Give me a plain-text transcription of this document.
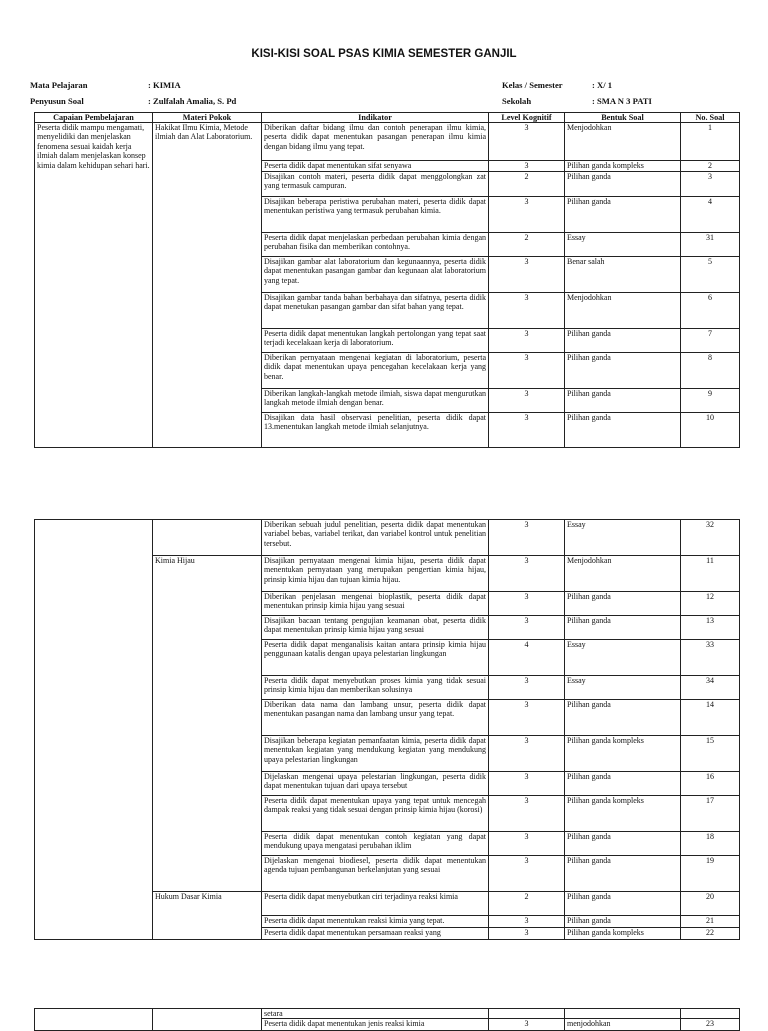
KISI-KISI SOAL PSAS KIMIA SEMESTER GANJIL
Mata Pelajaran	: KIMIA
Penyusun Soal	: Zulfalah Amalia, S. Pd
Kelas / Semester	: X/ 1
Sekolah	: SMA N 3 PATI
Capaian Pembelajaran	Materi Pokok	Indikator	Level Kognitif	Bentuk Soal	No. Soal
Peserta didik mampu mengamati, menyelidiki dan menjelaskan fenomena sesuai kaidah kerja ilmiah dalam menjelaskan konsep kimia dalam kehidupan sehari hari.	Hakikat Ilmu Kimia, Metode ilmiah dan Alat Laboratorium.	Diberikan daftar bidang ilmu dan contoh penerapan ilmu kimia, peserta didik dapat menentukan pasangan penerapan ilmu kimia dengan bidang ilmu yang tepat.	3	Menjodohkan	1
		Peserta didik dapat menentukan sifat senyawa	3	Pilihan ganda kompleks	2
		Disajikan contoh materi, peserta didik dapat menggolongkan zat yang termasuk campuran.	2	Pilihan ganda	3
		Disajikan beberapa peristiwa perubahan materi, peserta didik dapat menentukan peristiwa yang termasuk perubahan kimia.	3	Pilihan ganda	4
		Peserta didik dapat menjelaskan perbedaan perubahan kimia dengan perubahan fisika dan memberikan contohnya.	2	Essay	31
		Disajikan gambar alat laboratorium dan kegunaannya, peserta didik dapat menentukan pasangan gambar dan kegunaan alat laboratorium yang tepat.	3	Benar salah	5
		Disajikan gambar tanda bahan berbahaya dan sifatnya, peserta didik dapat menetukan pasangan gambar dan sifat bahan yang tepat.	3	Menjodohkan	6
		Peserta didik dapat menentukan langkah pertolongan yang tepat saat terjadi kecelakaan kerja di laboratorium.	3	Pilihan ganda	7
		Diberikan pernyataan mengenai kegiatan di laboratorium, peserta didik dapat menentukan upaya pencegahan kecelakaan kerja yang benar.	3	Pilihan ganda	8
		Diberikan langkah-langkah metode ilmiah, siswa dapat mengurutkan langkah metode ilmiah dengan benar.	3	Pilihan ganda	9
		Disajikan data hasil observasi penelitian, peserta didik dapat 13.menentukan langkah metode ilmiah selanjutnya.	3	Pilihan ganda	10
		Diberikan sebuah judul penelitian, peserta didik dapat menentukan variabel bebas, variabel terikat, dan variabel kontrol untuk penelitian tersebut.	3	Essay	32
	Kimia Hijau	Disajikan pernyataan mengenai kimia hijau, peserta didik dapat menentukan pernyataan yang merupakan pengertian kimia hijau, prinsip kimia hijau dan tujuan kimia hijau.	3	Menjodohkan	11
		Diberikan penjelasan mengenai bioplastik, peserta didik dapat menentukan prinsip kimia hijau yang sesuai	3	Pilihan ganda	12
		Disajikan bacaan tentang pengujian keamanan obat, peserta didik dapat menentukan prinsip kimia hijau yang sesuai	3	Pilihan ganda	13
		Peserta didik dapat menganalisis kaitan antara prinsip kimia hijau penggunaan katalis dengan upaya pelestarian lingkungan	4	Essay	33
		Peserta didik dapat menyebutkan proses kimia yang tidak sesuai prinsip kimia hijau dan memberikan solusinya	3	Essay	34
		Diberikan data nama dan lambang unsur, peserta didik dapat menentukan pasangan nama dan lambang unsur yang tepat.	3	Pilihan ganda	14
		Disajikan beberapa kegiatan pemanfaatan kimia, peserta didik dapat menentukan kegiatan yang mendukung kegiatan yang mendukung upaya pelestarian lingkungan	3	Pilihan ganda kompleks	15
		Dijelaskan mengenai upaya pelestarian lingkungan, peserta didik dapat menentukan tujuan dari upaya tersebut	3	Pilihan ganda	16
		Peserta didik dapat menentukan upaya yang tepat untuk mencegah dampak reaksi yang tidak sesuai dengan prinsip kimia hijau (korosi)	3	Pilihan ganda kompleks	17
		Peserta didik dapat menentukan contoh kegiatan yang dapat mendukung upaya mengatasi perubahan iklim	3	Pilihan ganda	18
		Dijelaskan mengenai biodiesel, peserta didik dapat menentukan agenda tujuan pembangunan berkelanjutan yang sesuai	3	Pilihan ganda	19
	Hukum Dasar Kimia	Peserta didik dapat menyebutkan ciri terjadinya reaksi kimia	2	Pilihan ganda	20
		Peserta didik dapat menentukan reaksi kimia yang tepat.	3	Pilihan ganda	21
		Peserta didik dapat menentukan persamaan reaksi yang	3	Pilihan ganda kompleks	22
		setara			
		Peserta didik dapat menentukan jenis reaksi kimia	3	menjodohkan	23
